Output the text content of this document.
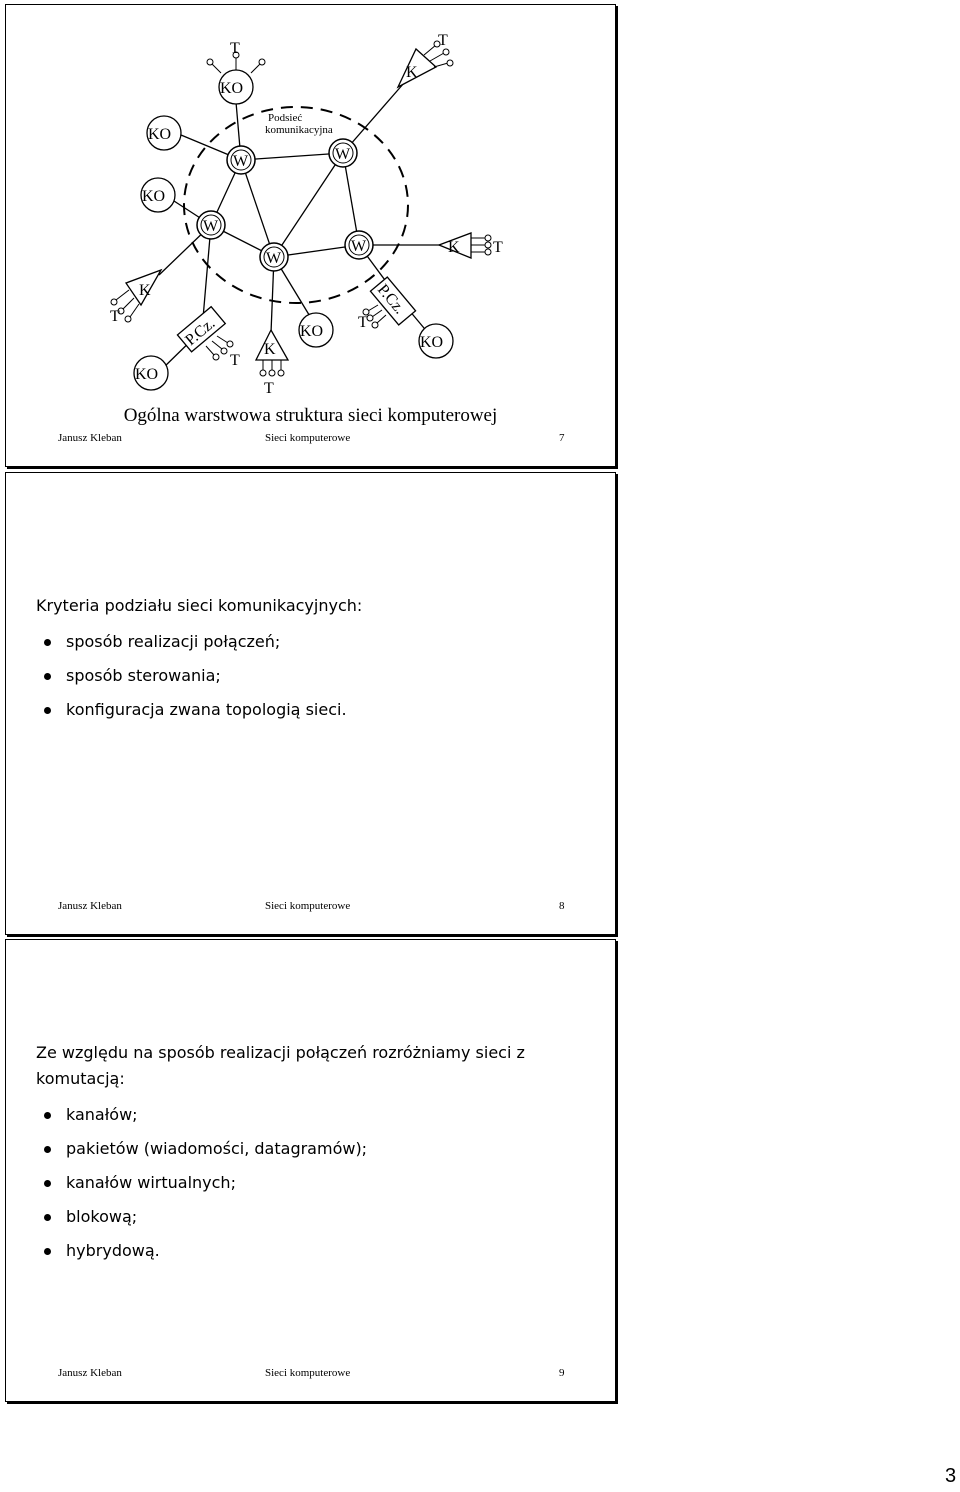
Podsieć
komunikacyjna
W	W
W
W
W
KO
KO
KO
KO
KO
KO
T
K
T
K T
K
T
K
T
P.Cz.
T
P.Cz.
T
Ogólna warstwowa struktura sieci komputerowej
Janusz Kleban	Sieci komputerowe	7
Kryteria podziału sieci komunikacyjnych:
sposób realizacji połączeń;
sposób sterowania;
konfiguracja zwana topologią sieci.
Janusz Kleban	Sieci komputerowe	8
Ze względu na sposób realizacji połączeń rozróżniamy sieci z komutacją:
kanałów;
pakietów (wiadomości, datagramów);
kanałów wirtualnych;
blokową;
hybrydową.
Janusz Kleban	Sieci komputerowe	9
3
